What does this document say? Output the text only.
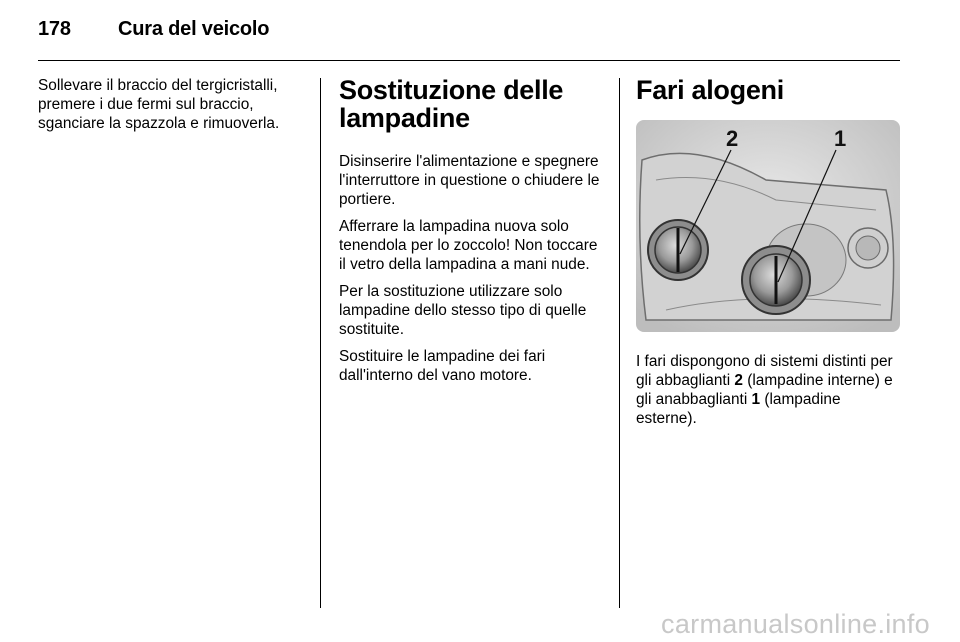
178 Cura del veicolo

Sollevare il braccio del tergicristalli, premere i due fermi sul braccio, sganciare la spazzola e rimuoverla.

Sostituzione delle
lampadine

Disinserire l'alimentazione e spegnere l'interruttore in questione o chiudere le portiere.

Afferrare la lampadina nuova solo tenendola per lo zoccolo! Non toccare il vetro della lampadina a mani nude.

Per la sostituzione utilizzare solo lampadine dello stesso tipo di quelle sostituite.

Sostituire le lampadine dei fari dall'interno del vano motore.

Fari alogeni
2	1

I fari dispongono di sistemi distinti per gli abbaglianti 2 (lampadine interne) e gli anabbaglianti 1 (lampadine esterne).

carmanualsonline.info
